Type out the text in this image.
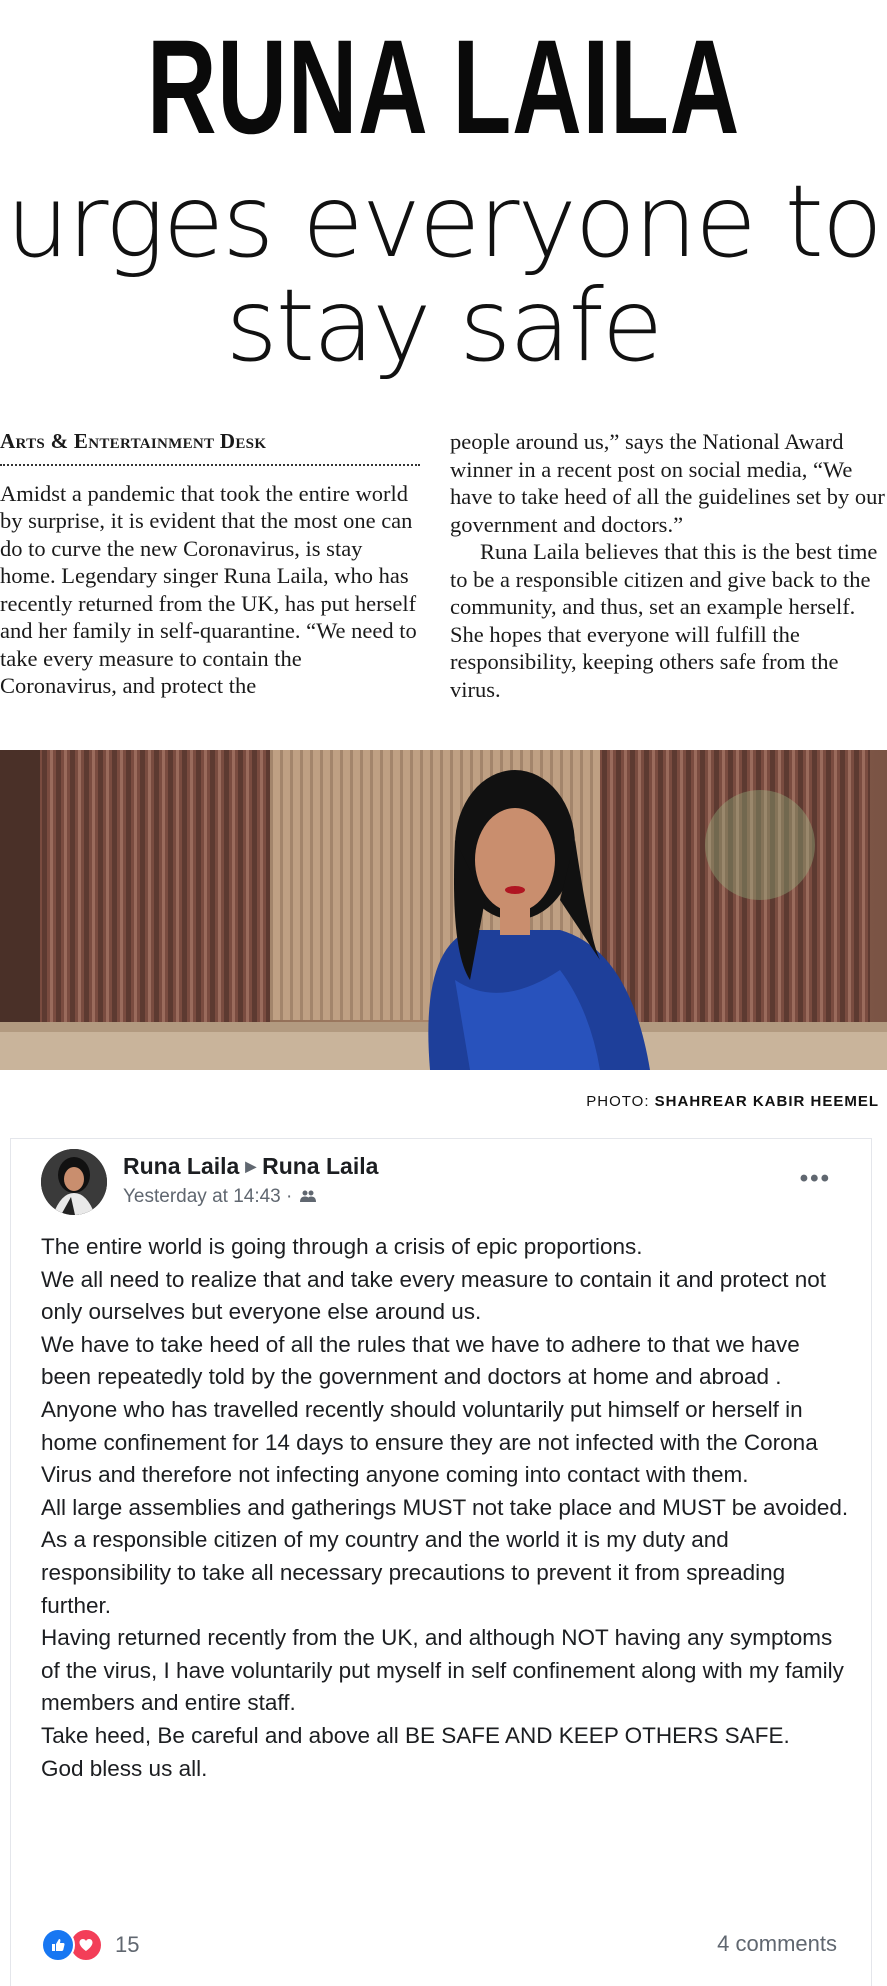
RUNA LAILA
urges everyone to
stay safe
Arts & Entertainment Desk

Amidst a pandemic that took the entire world by surprise, it is evident that the most one can do to curve the new Coronavirus, is stay home. Legendary singer Runa Laila, who has recently returned from the UK, has put herself and her family in self-quarantine. “We need to take every measure to contain the Coronavirus, and protect the

people around us,” says the National Award winner in a recent post on social media, “We have to take heed of all the guidelines set by our government and doctors.”

Runa Laila believes that this is the best time to be a responsible citizen and give back to the community, and thus, set an example herself. She hopes that everyone will fulfill the responsibility, keeping others safe from the virus.

PHOTO: SHAHREAR KABIR HEEMEL
Runa Laila ▶ Runa Laila
Yesterday at 14:43 ·
•••

The entire world is going through a crisis of epic proportions.

We all need to realize that and take every measure to contain it and protect not only ourselves but everyone else around us.

We have to take heed of all the rules that we have to adhere to that we have been repeatedly told by the government and doctors at home and abroad .

Anyone who has travelled recently should voluntarily put himself or herself in home confinement for 14 days to ensure they are not infected with the Corona Virus and therefore not infecting anyone coming into contact with them.

All large assemblies and gatherings MUST not take place and MUST be avoided.

As a responsible citizen of my country and the world it is my duty and responsibility to take all necessary precautions to prevent it from spreading further.

Having returned recently from the UK, and although NOT having any symptoms of the virus, I have voluntarily put myself in self confinement along with my family members and entire staff.

Take heed, Be careful and above all BE SAFE AND KEEP OTHERS SAFE.

God bless us all.

15	4 comments
